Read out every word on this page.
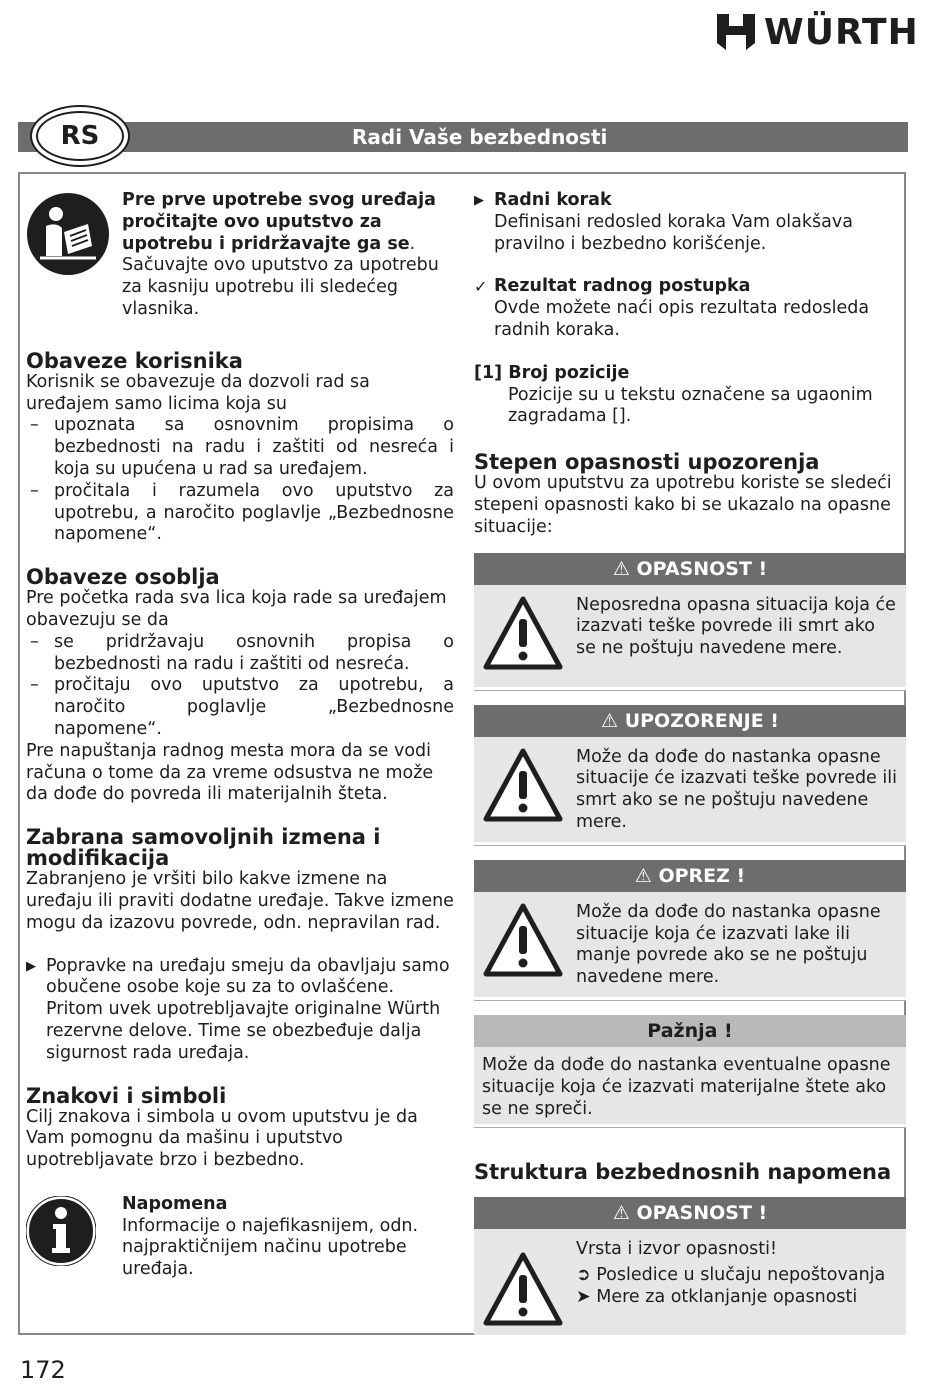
WÜRTH
Radi Vaše bezbednosti
RS

Pre prve upotrebe svog uređaja pročitajte ovo uputstvo za upotrebu i pridržavajte ga se.

Sačuvajte ovo uputstvo za upotrebu za kasniju upotrebu ili sledećeg vlasnika.

Obaveze korisnika

Korisnik se obavezuje da dozvoli rad sa uređajem samo licima koja su

– upoznata sa osnovnim propisima o bezbednosti na radu i zaštiti od nesreća i koja su upućena u rad sa uređajem.
– pročitala i razumela ovo uputstvo za upotrebu, a naročito poglavlje „Bezbednosne napomene“.
Obaveze osoblja

Pre početka rada sva lica koja rade sa uređajem obavezuju se da

– se pridržavaju osnovnih propisa o bezbednosti na radu i zaštiti od nesreća.
– pročitaju ovo uputstvo za upotrebu, a naročito poglavlje „Bezbednosne napomene“.

Pre napuštanja radnog mesta mora da se vodi računa o tome da za vreme odsustva ne može da dođe do povreda ili materijalnih šteta.

Zabrana samovoljnih izmena i modifikacija

Zabranjeno je vršiti bilo kakve izmene na uređaju ili praviti dodatne uređaje. Takve izmene mogu da izazovu povrede, odn. nepravilan rad.

▶ Popravke na uređaju smeju da obavljaju samo obučene osobe koje su za to ovlašćene. Pritom uvek upotrebljavajte originalne Würth rezervne delove. Time se obezbeđuje dalja sigurnost rada uređaja.
Znakovi i simboli

Cilj znakova i simbola u ovom uputstvu je da Vam pomognu da mašinu i uputstvo upotrebljavate brzo i bezbedno.

Napomena

Informacije o najefikasnijem, odn. najpraktičnijem načinu upotrebe uređaja.

▶ Radni korak

Definisani redosled koraka Vam olakšava pravilno i bezbedno korišćenje.

✓ Rezultat radnog postupka

Ovde možete naći opis rezultata redosleda radnih koraka.

[1] Broj pozicije

Pozicije su u tekstu označene sa ugaonim zagradama [].

Stepen opasnosti upozorenja

U ovom uputstvu za upotrebu koriste se sledeći stepeni opasnosti kako bi se ukazalo na opasne situacije:

⚠ OPASNOST !

Neposredna opasna situacija koja će izazvati teške povrede ili smrt ako se ne poštuju navedene mere.

⚠ UPOZORENJE !

Može da dođe do nastanka opasne situacije će izazvati teške povrede ili smrt ako se ne poštuju navedene mere.

⚠ OPREZ !

Može da dođe do nastanka opasne situacije koja će izazvati lake ili manje povrede ako se ne poštuju navedene mere.

Pažnja !

Može da dođe do nastanka eventualne opasne situacije koja će izazvati materijalne štete ako se ne spreči.

Struktura bezbednosnih napomena
⚠ OPASNOST !

Vrsta i izvor opasnosti!

➲ Posledice u slučaju nepoštovanja

➤ Mere za otklanjanje opasnosti

172
